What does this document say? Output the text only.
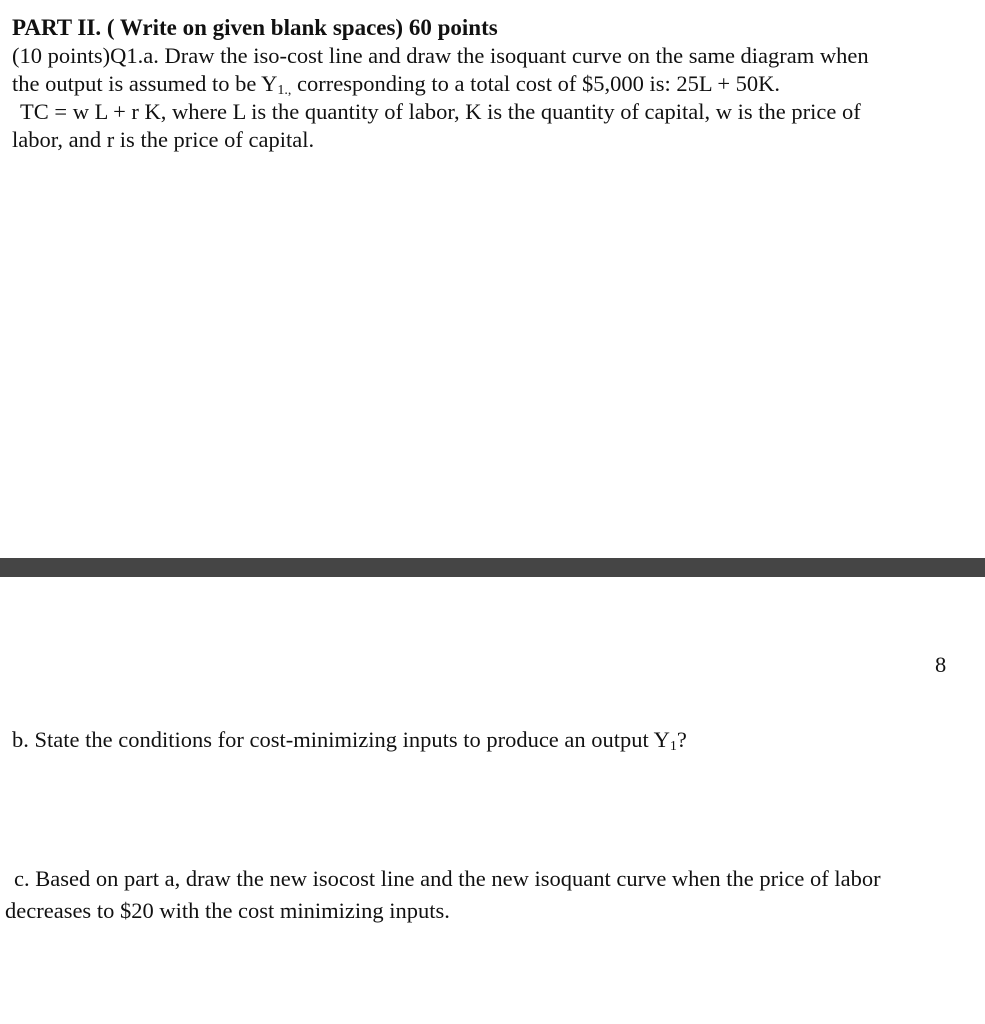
PART II. ( Write on given blank spaces) 60 points
(10 points)Q1.a. Draw the iso-cost line and draw the isoquant curve on the same diagram when
the output is assumed to be $Y_{1.,}$ corresponding to a total cost of $5,000 is: 25L + 50K.
TC = w L + r K, where L is the quantity of labor, K is the quantity of capital, w is the price of
labor, and r is the price of capital.
8
b. State the conditions for cost-minimizing inputs to produce an output $Y_1$?
c. Based on part a, draw the new isocost line and the new isoquant curve when the price of labor
decreases to $20 with the cost minimizing inputs.
